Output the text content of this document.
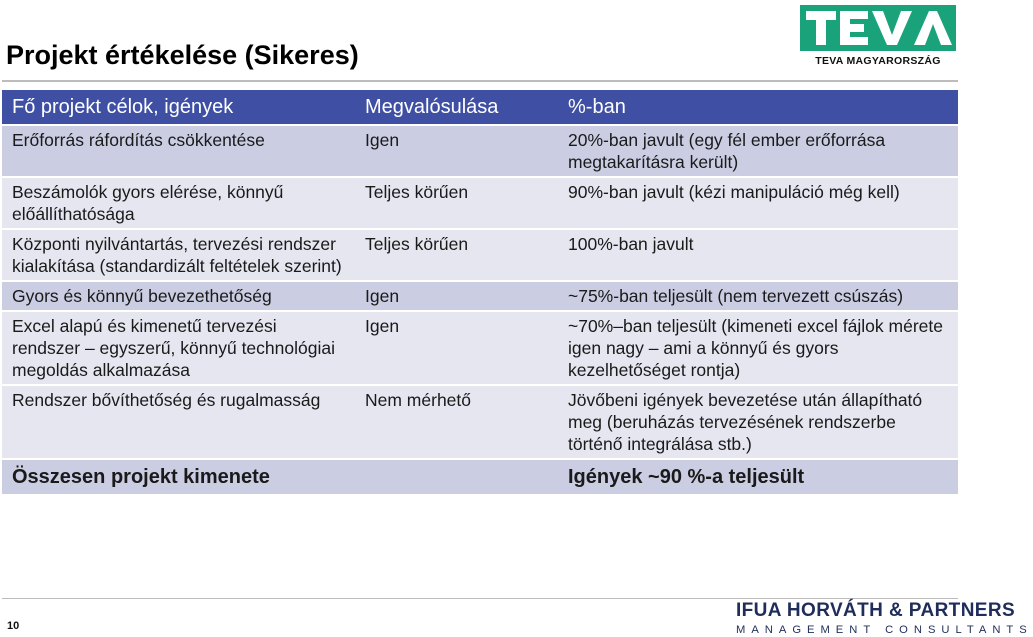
Projekt értékelése (Sikeres)	TEVA MAGYARORSZÁG
Fő projekt célok, igények	Megvalósulása	%-ban
Erőforrás ráfordítás csökkentése	Igen	20%-ban javult (egy fél ember erőforrása megtakarításra került)
Beszámolók gyors elérése, könnyű előállíthatósága	Teljes körűen	90%-ban javult (kézi manipuláció még kell)
Központi nyilvántartás, tervezési rendszer kialakítása (standardizált feltételek szerint)	Teljes körűen	100%-ban javult
Gyors és könnyű bevezethetőség	Igen	~75%-ban teljesült (nem tervezett csúszás)
Excel alapú és kimenetű tervezési rendszer – egyszerű, könnyű technológiai megoldás alkalmazása	Igen	~70%–ban teljesült (kimeneti excel fájlok mérete igen nagy – ami a könnyű és gyors kezelhetőséget rontja)
Rendszer bővíthetőség és rugalmasság	Nem mérhető	Jövőbeni igények bevezetése után állapítható meg (beruházás tervezésének rendszerbe történő integrálása stb.)
Összesen projekt kimenete		Igények ~90 %-a teljesült
10
IFUA HORVÁTH & PARTNERS
MANAGEMENT CONSULTANTS
